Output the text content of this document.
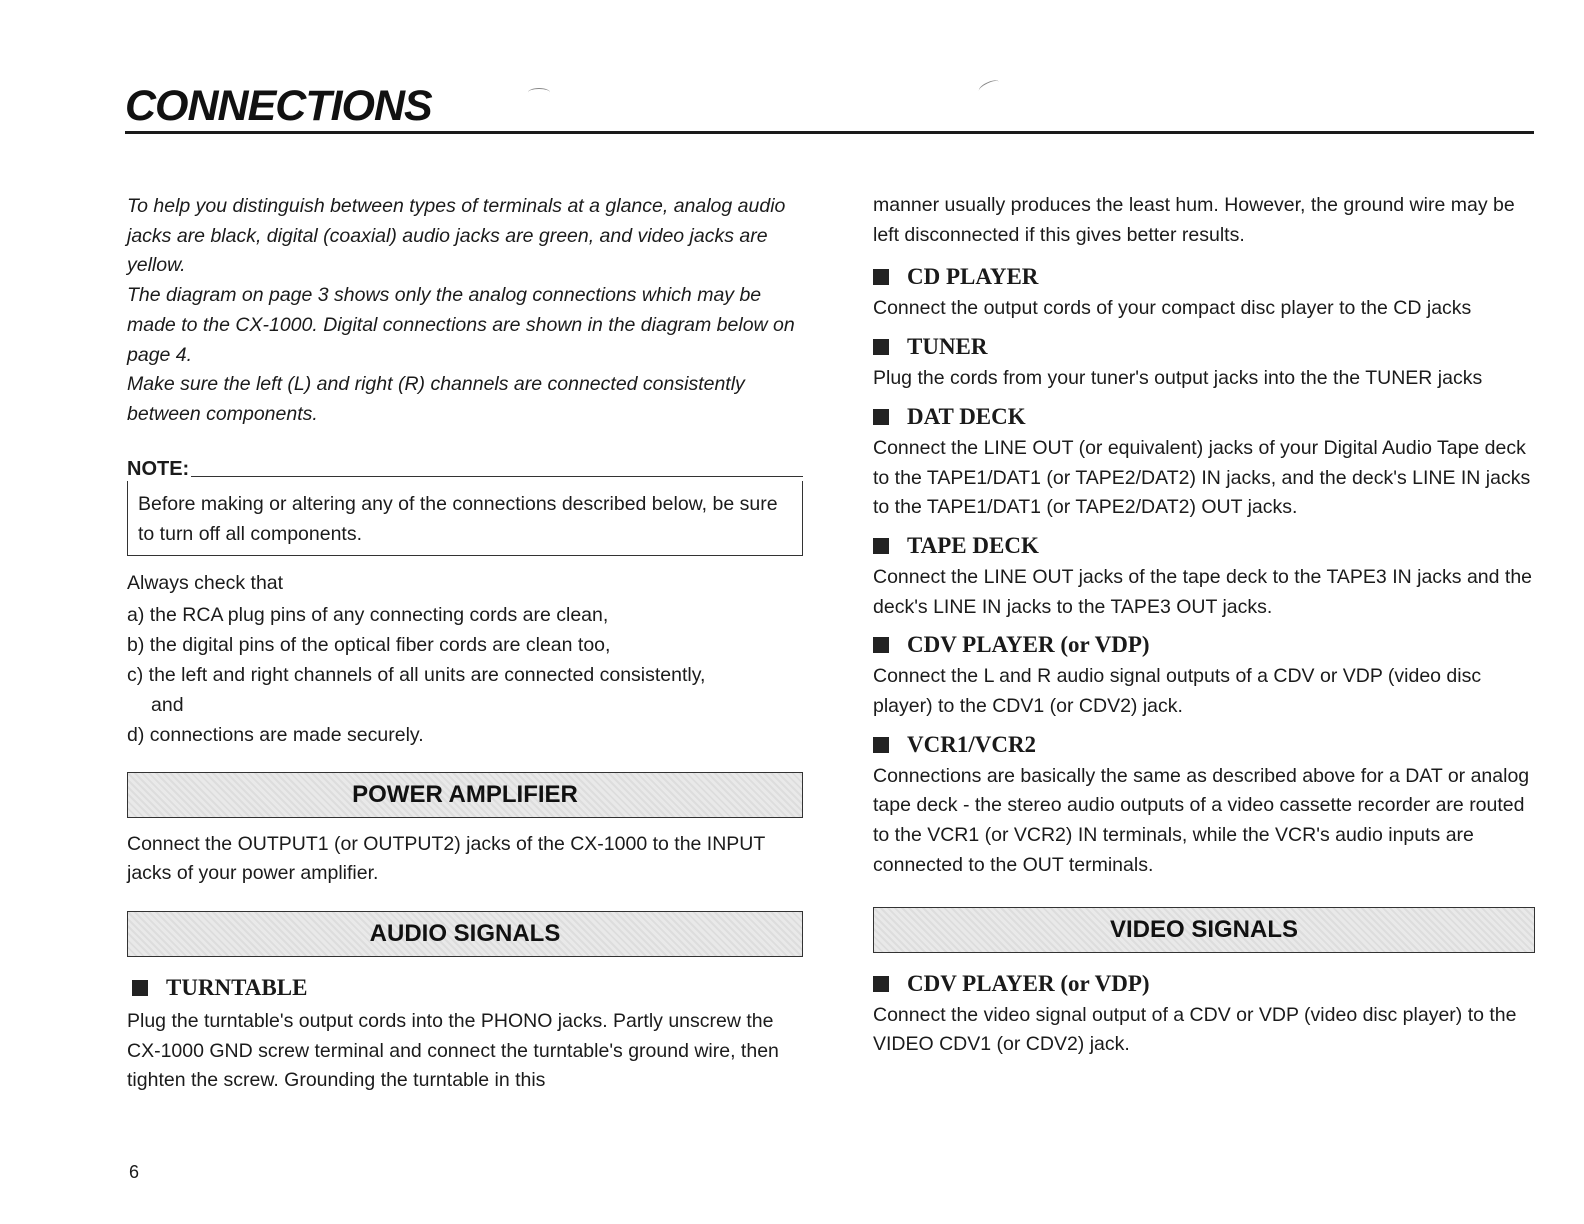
CONNECTIONS

To help you distinguish between types of terminals at a glance, analog audio jacks are black, digital (coaxial) audio jacks are green, and video jacks are yellow.

The diagram on page 3 shows only the analog connections which may be made to the CX-1000. Digital connections are shown in the diagram below on page 4.

Make sure the left (L) and right (R) channels are connected consistently between components.

NOTE:
Before making or altering any of the connections described below, be sure to turn off all components.

Always check that

a) the RCA plug pins of any connecting cords are clean,

b) the digital pins of the optical fiber cords are clean too,

c) the left and right channels of all units are connected consistently,

and

d) connections are made securely.

POWER AMPLIFIER

Connect the OUTPUT1 (or OUTPUT2) jacks of the CX-1000 to the INPUT jacks of your power amplifier.

AUDIO SIGNALS
TURNTABLE

Plug the turntable's output cords into the PHONO jacks. Partly unscrew the CX-1000 GND screw terminal and connect the turntable's ground wire, then tighten the screw. Grounding the turntable in this

manner usually produces the least hum. However, the ground wire may be left disconnected if this gives better results.

CD PLAYER

Connect the output cords of your compact disc player to the CD jacks

TUNER

Plug the cords from your tuner's output jacks into the the TUNER jacks

DAT DECK

Connect the LINE OUT (or equivalent) jacks of your Digital Audio Tape deck to the TAPE1/DAT1 (or TAPE2/DAT2) IN jacks, and the deck's LINE IN jacks to the TAPE1/DAT1 (or TAPE2/DAT2) OUT jacks.

TAPE DECK

Connect the LINE OUT jacks of the tape deck to the TAPE3 IN jacks and the deck's LINE IN jacks to the TAPE3 OUT jacks.

CDV PLAYER (or VDP)

Connect the L and R audio signal outputs of a CDV or VDP (video disc player) to the CDV1 (or CDV2) jack.

VCR1/VCR2

Connections are basically the same as described above for a DAT or analog tape deck - the stereo audio outputs of a video cassette recorder are routed to the VCR1 (or VCR2) IN terminals, while the VCR's audio inputs are connected to the OUT terminals.

VIDEO SIGNALS
CDV PLAYER (or VDP)

Connect the video signal output of a CDV or VDP (video disc player) to the VIDEO CDV1 (or CDV2) jack.

6
